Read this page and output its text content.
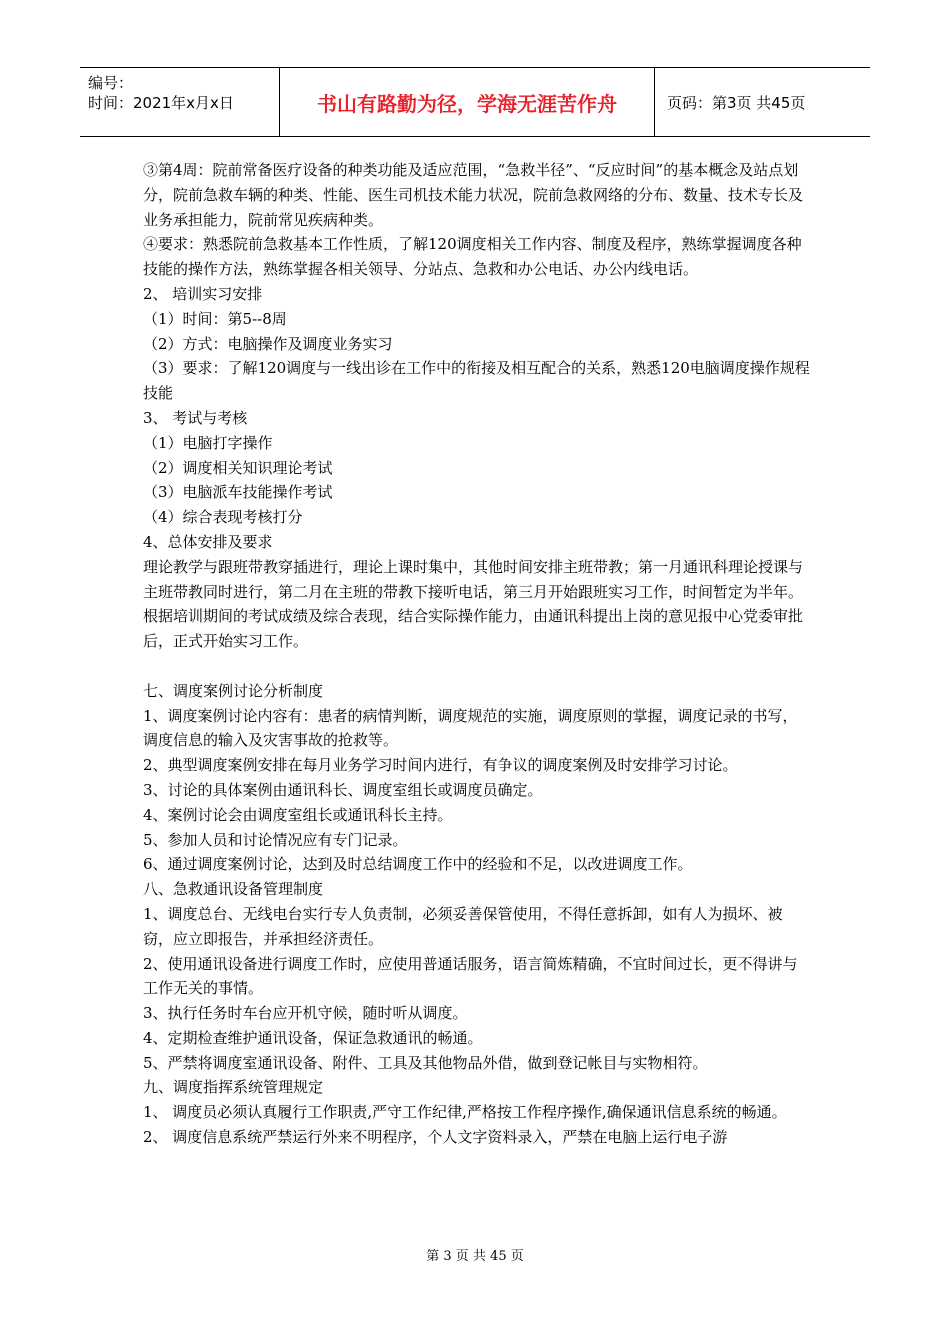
编号：
时间：2021年x月x日	书山有路勤为径，学海无涯苦作舟	页码：第3页 共45页

③第4周：院前常备医疗设备的种类功能及适应范围，“急救半径”、“反应时间”的基本概念及站点划分，院前急救车辆的种类、性能、医生司机技术能力状况，院前急救网络的分布、数量、技术专长及业务承担能力，院前常见疾病种类。

④要求：熟悉院前急救基本工作性质，了解120调度相关工作内容、制度及程序，熟练掌握调度各种技能的操作方法，熟练掌握各相关领导、分站点、急救和办公电话、办公内线电话。

2、 培训实习安排

（1）时间：第5--8周

（2）方式：电脑操作及调度业务实习

（3）要求：了解120调度与一线出诊在工作中的衔接及相互配合的关系，熟悉120电脑调度操作规程技能

3、 考试与考核

（1）电脑打字操作

（2）调度相关知识理论考试

（3）电脑派车技能操作考试

（4）综合表现考核打分

4、总体安排及要求

理论教学与跟班带教穿插进行，理论上课时集中，其他时间安排主班带教；第一月通讯科理论授课与主班带教同时进行，第二月在主班的带教下接听电话，第三月开始跟班实习工作，时间暂定为半年。

根据培训期间的考试成绩及综合表现，结合实际操作能力，由通讯科提出上岗的意见报中心党委审批后，正式开始实习工作。

七、调度案例讨论分析制度

1、调度案例讨论内容有：患者的病情判断，调度规范的实施，调度原则的掌握，调度记录的书写，调度信息的输入及灾害事故的抢救等。

2、典型调度案例安排在每月业务学习时间内进行，有争议的调度案例及时安排学习讨论。

3、讨论的具体案例由通讯科长、调度室组长或调度员确定。

4、案例讨论会由调度室组长或通讯科长主持。

5、参加人员和讨论情况应有专门记录。

6、通过调度案例讨论，达到及时总结调度工作中的经验和不足，以改进调度工作。

八、急救通讯设备管理制度

1、调度总台、无线电台实行专人负责制，必须妥善保管使用，不得任意拆卸，如有人为损坏、被窃，应立即报告，并承担经济责任。

2、使用通讯设备进行调度工作时，应使用普通话服务，语言简炼精确，不宜时间过长，更不得讲与工作无关的事情。

3、执行任务时车台应开机守候，随时听从调度。

4、定期检查维护通讯设备，保证急救通讯的畅通。

5、严禁将调度室通讯设备、附件、工具及其他物品外借，做到登记帐目与实物相符。

九、调度指挥系统管理规定

1、 调度员必须认真履行工作职责,严守工作纪律,严格按工作程序操作,确保通讯信息系统的畅通。

2、 调度信息系统严禁运行外来不明程序，个人文字资料录入，严禁在电脑上运行电子游

第 3 页 共 45 页
